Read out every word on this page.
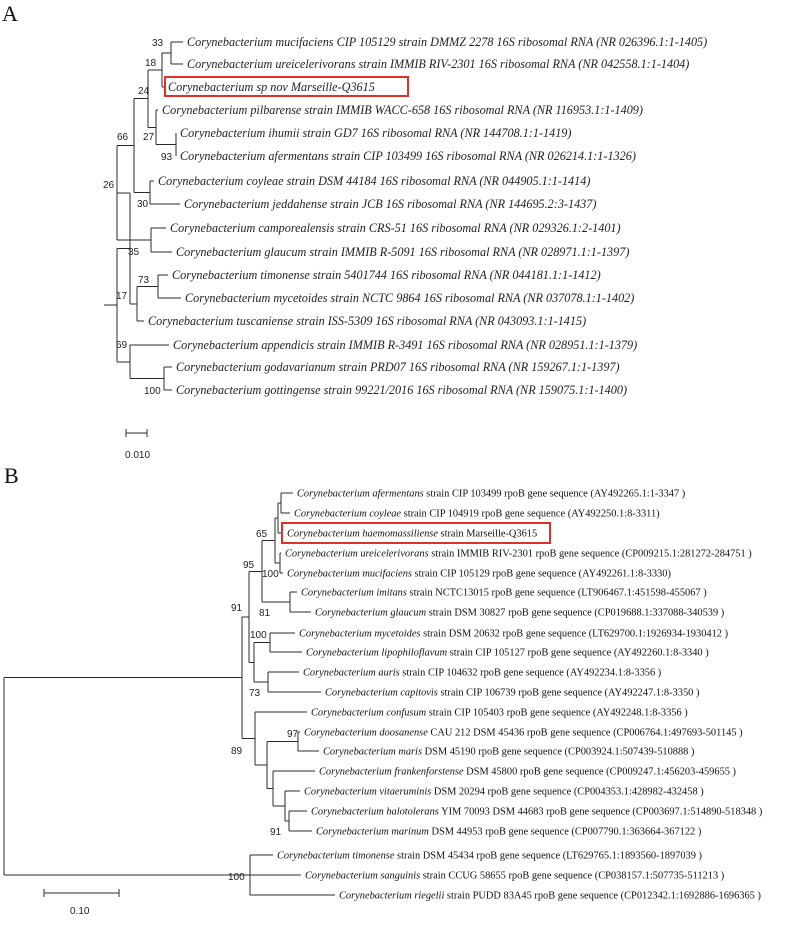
A
33
18
93
27
24
30
66
35
26
73
17
100
69
Corynebacterium mucifaciens CIP 105129 strain DMMZ 2278 16S ribosomal RNA (NR 026396.1:1-1405)
Corynebacterium ureicelerivorans strain IMMIB RIV-2301 16S ribosomal RNA (NR 042558.1:1-1404)
Corynebacterium sp nov Marseille-Q3615
Corynebacterium pilbarense strain IMMIB WACC-658 16S ribosomal RNA (NR 116953.1:1-1409)
Corynebacterium ihumii strain GD7 16S ribosomal RNA (NR 144708.1:1-1419)
Corynebacterium afermentans strain CIP 103499 16S ribosomal RNA (NR 026214.1:1-1326)
Corynebacterium coyleae strain DSM 44184 16S ribosomal RNA (NR 044905.1:1-1414)
Corynebacterium jeddahense strain JCB 16S ribosomal RNA (NR 144695.2:3-1437)
Corynebacterium camporealensis strain CRS-51 16S ribosomal RNA (NR 029326.1:2-1401)
Corynebacterium glaucum strain IMMIB R-5091 16S ribosomal RNA (NR 028971.1:1-1397)
Corynebacterium timonense strain 5401744 16S ribosomal RNA (NR 044181.1:1-1412)
Corynebacterium mycetoides strain NCTC 9864 16S ribosomal RNA (NR 037078.1:1-1402)
Corynebacterium tuscaniense strain ISS-5309 16S ribosomal RNA (NR 043093.1:1-1415)
Corynebacterium appendicis strain IMMIB R-3491 16S ribosomal RNA (NR 028951.1:1-1379)
Corynebacterium godavarianum strain PRD07 16S ribosomal RNA (NR 159267.1:1-1397)
Corynebacterium gottingense strain 99221/2016 16S ribosomal RNA (NR 159075.1:1-1400)
0.010
B
65
100
95
81
91
100
73
97
91
89
100
Corynebacterium afermentans strain CIP 103499 rpoB gene sequence (AY492265.1:1-3347 )
Corynebacterium coyleae strain CIP 104919 rpoB gene sequence (AY492250.1:8-3311)
Corynebacterium haemomassiliense strain Marseille-Q3615
Corynebacterium ureicelerivorans strain IMMIB RIV-2301 rpoB gene sequence (CP009215.1:281272-284751 )
Corynebacterium mucifaciens strain CIP 105129 rpoB gene sequence (AY492261.1:8-3330)
Corynebacterium imitans strain NCTC13015 rpoB gene sequence (LT906467.1:451598-455067 )
Corynebacterium glaucum strain DSM 30827 rpoB gene sequence (CP019688.1:337088-340539 )
Corynebacterium mycetoides strain DSM 20632 rpoB gene sequence (LT629700.1:1926934-1930412 )
Corynebacterium lipophiloflavum strain CIP 105127 rpoB gene sequence (AY492260.1:8-3340 )
Corynebacterium auris strain CIP 104632 rpoB gene sequence (AY492234.1:8-3356 )
Corynebacterium capitovis strain CIP 106739 rpoB gene sequence (AY492247.1:8-3350 )
Corynebacterium confusum strain CIP 105403 rpoB gene sequence (AY492248.1:8-3356 )
Corynebacterium doosanense CAU 212 DSM 45436 rpoB gene sequence (CP006764.1:497693-501145 )
Corynebacterium maris DSM 45190 rpoB gene sequence (CP003924.1:507439-510888 )
Corynebacterium frankenforstense DSM 45800 rpoB gene sequence (CP009247.1:456203-459655 )
Corynebacterium vitaeruminis DSM 20294 rpoB gene sequence (CP004353.1:428982-432458 )
Corynebacterium halotolerans YIM 70093 DSM 44683 rpoB gene sequence (CP003697.1:514890-518348 )
Corynebacterium marinum DSM 44953 rpoB gene sequence (CP007790.1:363664-367122 )
Corynebacterium timonense strain DSM 45434 rpoB gene sequence (LT629765.1:1893560-1897039 )
Corynebacterium sanguinis strain CCUG 58655 rpoB gene sequence (CP038157.1:507735-511213 )
Corynebacterium riegelii strain PUDD 83A45 rpoB gene sequence (CP012342.1:1692886-1696365 )
0.10
